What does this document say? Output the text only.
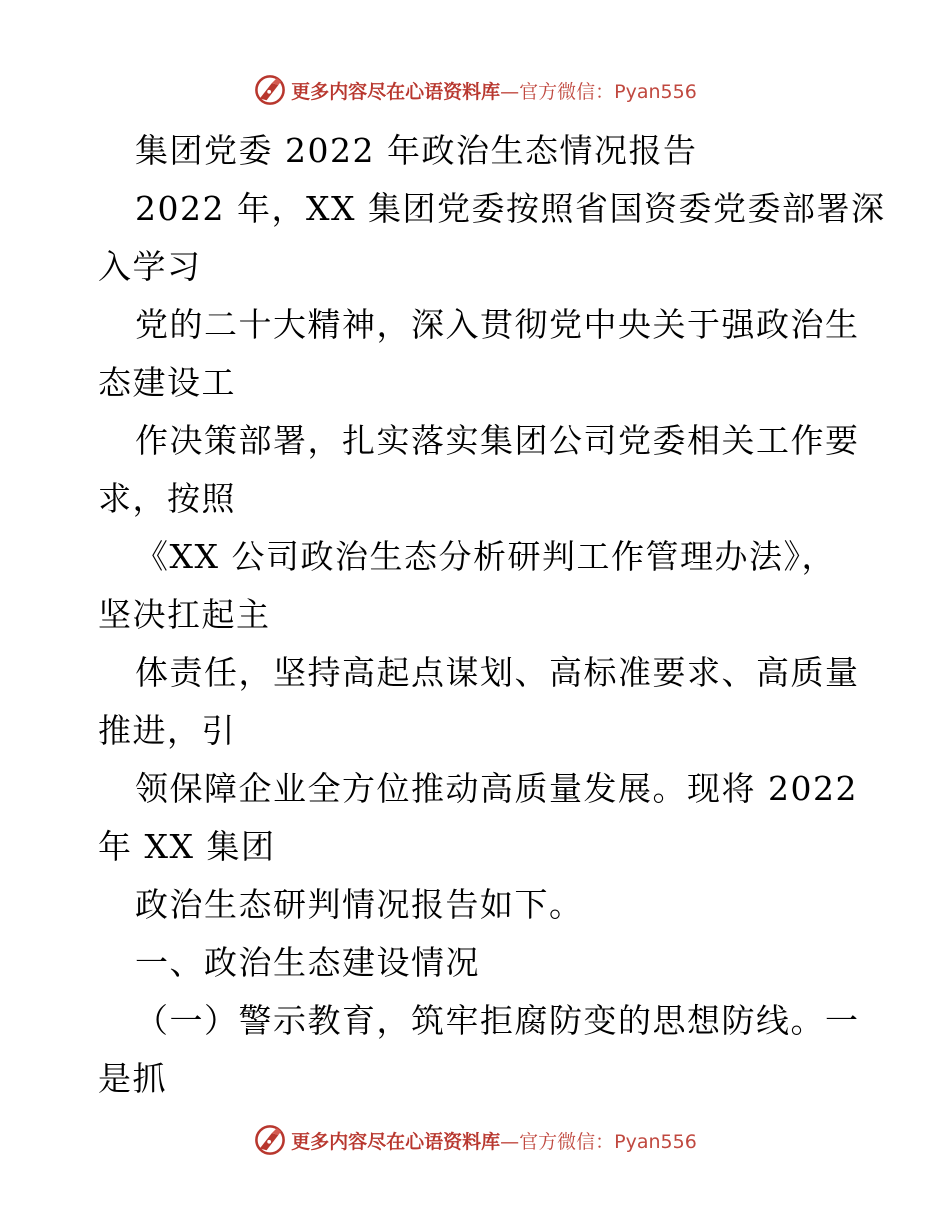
更多内容尽在心语资料库—官方微信：Pyan556
集团党委 2022 年政治生态情况报告
2022 年，XX 集团党委按照省国资委党委部署深
入学习
党的二十大精神，深入贯彻党中央关于强政治生
态建设工
作决策部署，扎实落实集团公司党委相关工作要
求，按照
《XX 公司政治生态分析研判工作管理办法》，
坚决扛起主
体责任，坚持高起点谋划、高标准要求、高质量
推进，引
领保障企业全方位推动高质量发展。现将 2022
年 XX 集团
政治生态研判情况报告如下。
一、政治生态建设情况
（一）警示教育，筑牢拒腐防变的思想防线。一
是抓
更多内容尽在心语资料库—官方微信：Pyan556
